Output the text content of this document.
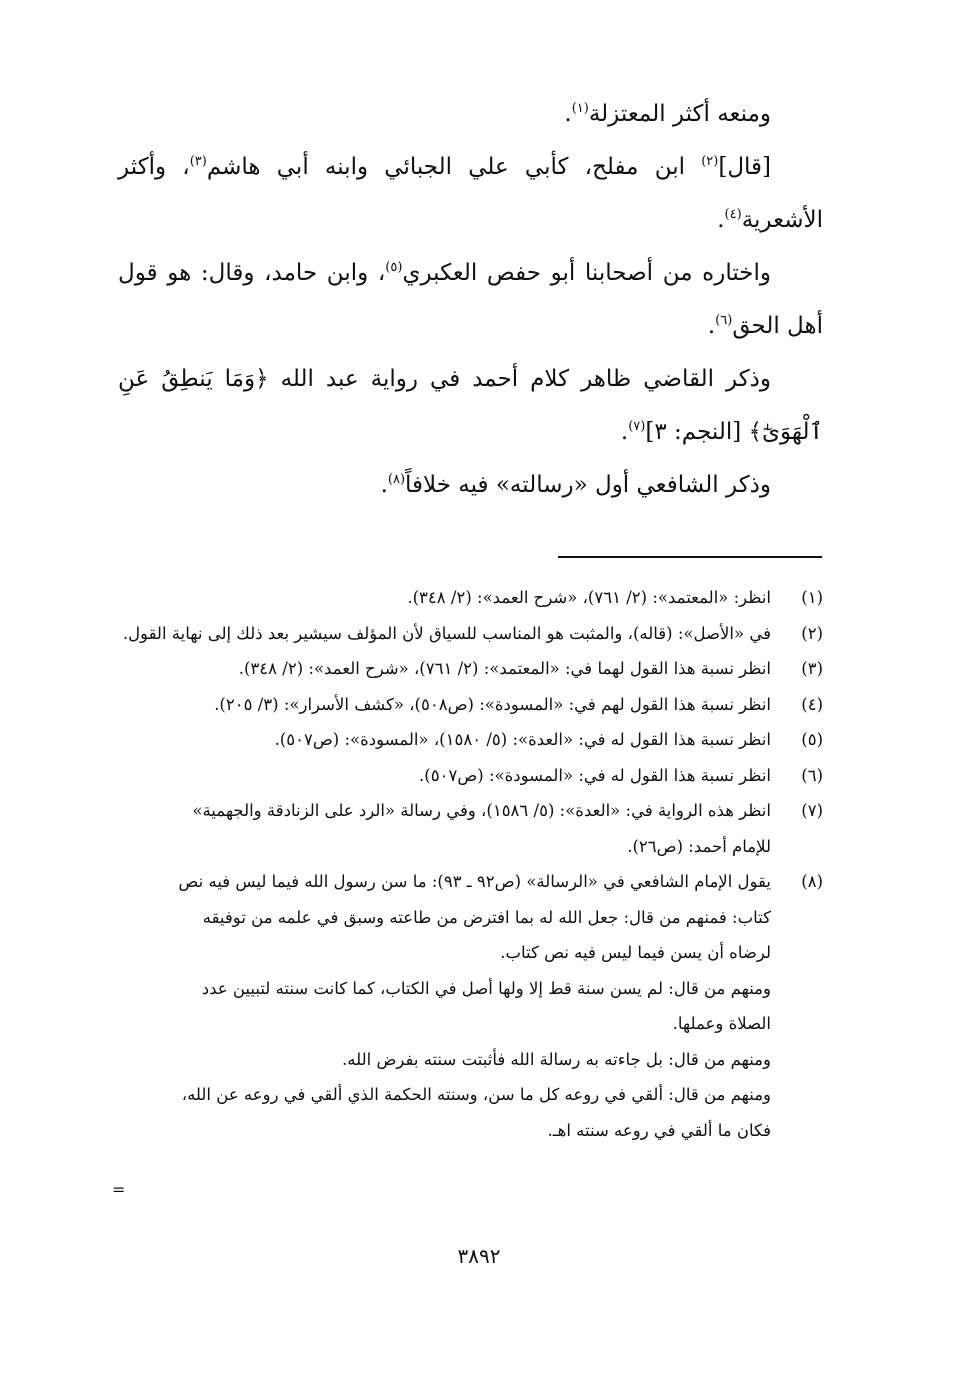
ومنعه أكثر المعتزلة$^{(١)}$.

[قال]$^{(٢)}$ ابن مفلح، كأبي علي الجبائي وابنه أبي هاشم$^{(٣)}$، وأكثر الأشعرية$^{(٤)}$.

واختاره من أصحابنا أبو حفص العكبري$^{(٥)}$، وابن حامد، وقال: هو قول أهل الحق$^{(٦)}$.

وذكر القاضي ظاهر كلام أحمد في رواية عبد الله ﴿وَمَا يَنطِقُ عَنِ ٱلْهَوَىٰٓ﴾ [النجم: ٣]$^{(٧)}$.

وذكر الشافعي أول «رسالته» فيه خلافاً$^{(٨)}$.

(١)
انظر: «المعتمد»: (٢/ ٧٦١)، «شرح العمد»: (٢/ ٣٤٨).
(٢)
في «الأصل»: (قاله)، والمثبت هو المناسب للسياق لأن المؤلف سيشير بعد ذلك إلى نهاية القول.
(٣)
انظر نسبة هذا القول لهما في: «المعتمد»: (٢/ ٧٦١)، «شرح العمد»: (٢/ ٣٤٨).
(٤)
انظر نسبة هذا القول لهم في: «المسودة»: (ص٥٠٨)، «كشف الأسرار»: (٣/ ٢٠٥).
(٥)
انظر نسبة هذا القول له في: «العدة»: (٥/ ١٥٨٠)، «المسودة»: (ص٥٠٧).
(٦)
انظر نسبة هذا القول له في: «المسودة»: (ص٥٠٧).
(٧)
انظر هذه الرواية في: «العدة»: (٥/ ١٥٨٦)، وفي رسالة «الرد على الزنادقة والجهمية»
للإمام أحمد: (ص٢٦).
(٨)
يقول الإمام الشافعي في «الرسالة» (ص٩٢ ـ ٩٣): ما سن رسول الله فيما ليس فيه نص
كتاب: فمنهم من قال: جعل الله له بما افترض من طاعته وسبق في علمه من توفيقه
لرضاه أن يسن فيما ليس فيه نص كتاب.
ومنهم من قال: لم يسن سنة قط إلا ولها أصل في الكتاب، كما كانت سنته لتبيين عدد
الصلاة وعملها.
ومنهم من قال: بل جاءته به رسالة الله فأثبتت سنته بفرض الله.
ومنهم من قال: ألقي في روعه كل ما سن، وسنته الحكمة الذي ألقي في روعه عن الله،
فكان ما ألقي في روعه سنته اهـ.
=
٣٨٩٢
